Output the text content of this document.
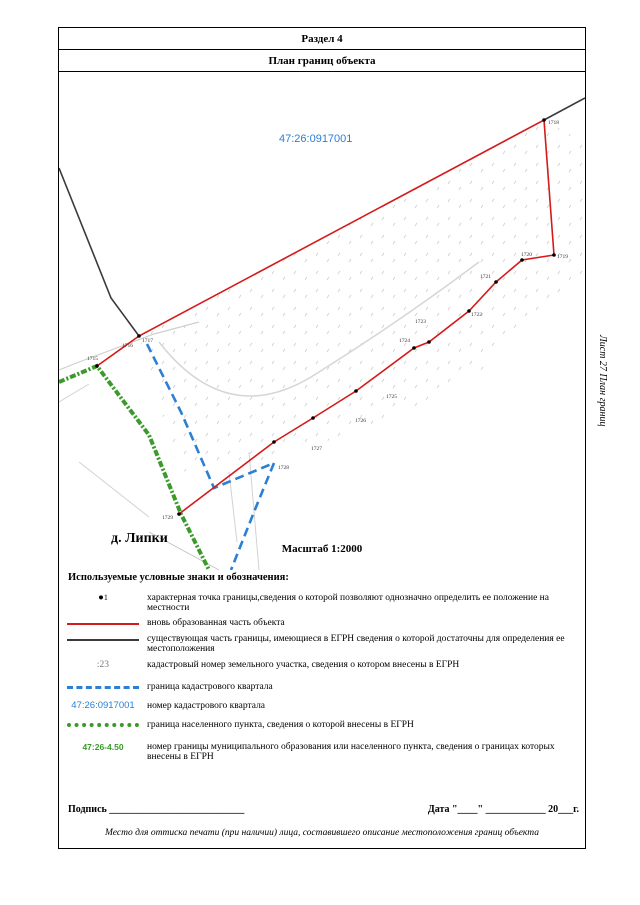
Раздел 4
План границ объекта
1715
1716
1717
1718
1719
1720
1721
1722
1723
1724
1725
1726
1727
1728
1729
47:26:0917001
д. Липки
Масштаб 1:2000
Используемые условные знаки и обозначения:
●1	характерная точка границы,сведения о которой позволяют однозначно определить ее положение на местности
вновь образованная часть объекта
существующая часть границы, имеющиеся в ЕГРН сведения о которой достаточны для определения ее местоположения
:23	кадастровый номер земельного участка, сведения о котором внесены в ЕГРН
граница кадастрового квартала
47:26:0917001	номер кадастрового квартала
граница населенного пункта, сведения о которой внесены в ЕГРН
47:26-4.50	номер границы муниципального образования или населенного пункта, сведения о границах которых внесены в ЕГРН
Подпись ___________________________	Дата "____" ____________ 20___г.
Место для оттиска печати (при наличии) лица, составившего описание местоположения границ объекта
Лист 27 План границ
